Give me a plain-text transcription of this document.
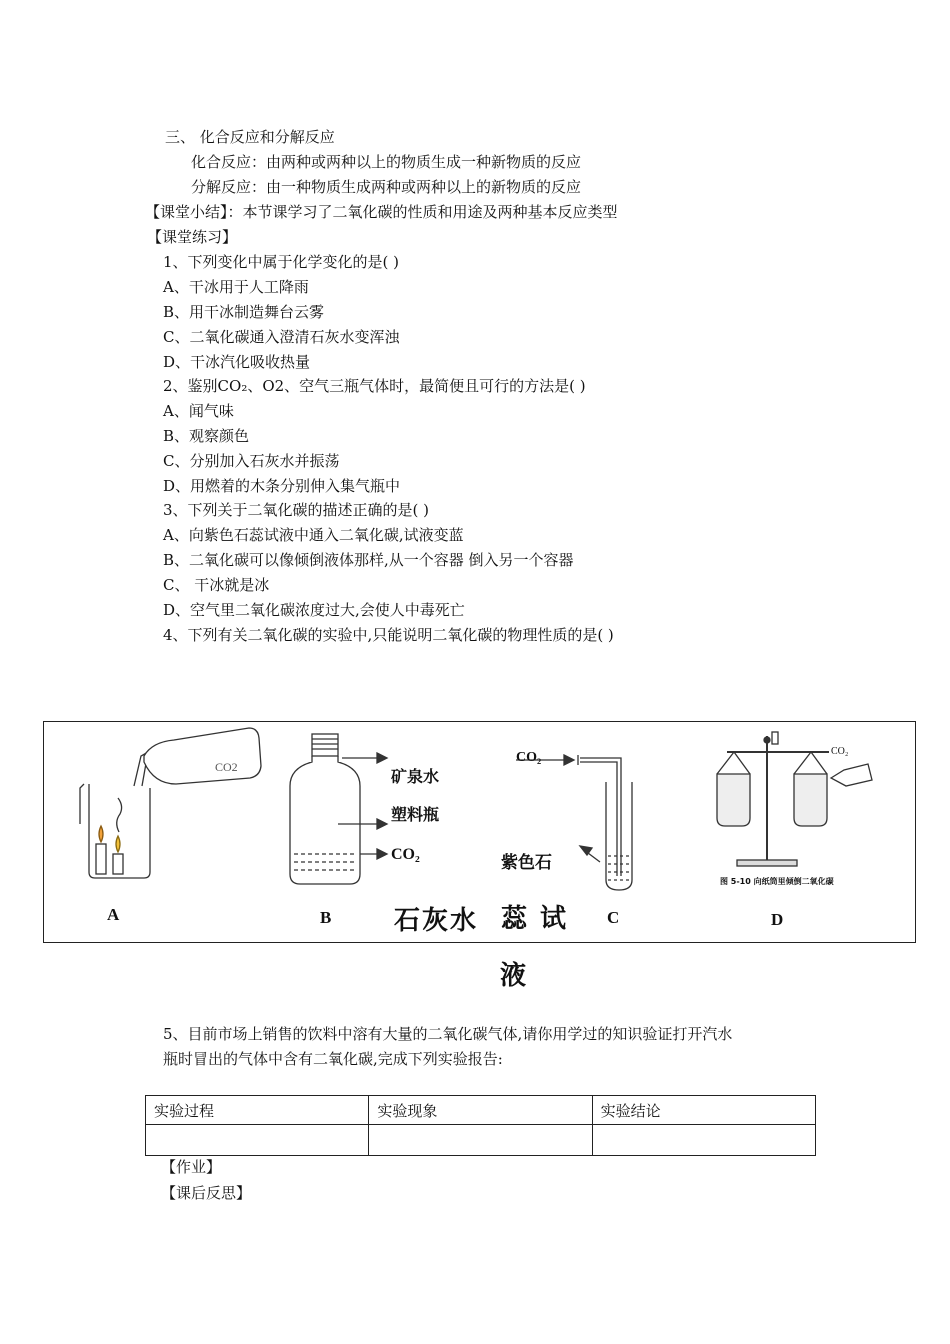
三、 化合反应和分解反应
化合反应：由两种或两种以上的物质生成一种新物质的反应
分解反应：由一种物质生成两种或两种以上的新物质的反应
【课堂小结】：本节课学习了二氧化碳的性质和用途及两种基本反应类型
【课堂练习】
1、下列变化中属于化学变化的是( )
A、干冰用于人工降雨
B、用干冰制造舞台云雾
C、二氧化碳通入澄清石灰水变浑浊
D、干冰汽化吸收热量
2、鉴别CO₂、O2、空气三瓶气体时，最简便且可行的方法是( )
A、闻气味
B、观察颜色
C、分别加入石灰水并振荡
D、用燃着的木条分别伸入集气瓶中
3、下列关于二氧化碳的描述正确的是( )
A、向紫色石蕊试液中通入二氧化碳,试液变蓝
B、二氧化碳可以像倾倒液体那样,从一个容器 倒入另一个容器
C、 干冰就是冰
D、空气里二氧化碳浓度过大,会使人中毒死亡
4、下列有关二氧化碳的实验中,只能说明二氧化碳的物理性质的是( )
CO2	矿泉水
塑料瓶
CO₂
CO₂
紫色石
CO₂
图 5-10 向纸筒里倾倒二氧化碳
A	B 石灰水 蕊 试 C	D
液
5、目前市场上销售的饮料中溶有大量的二氧化碳气体,请你用学过的知识验证打开汽水
瓶时冒出的气体中含有二氧化碳,完成下列实验报告:
实验过程	实验现象	实验结论

【作业】
【课后反思】
